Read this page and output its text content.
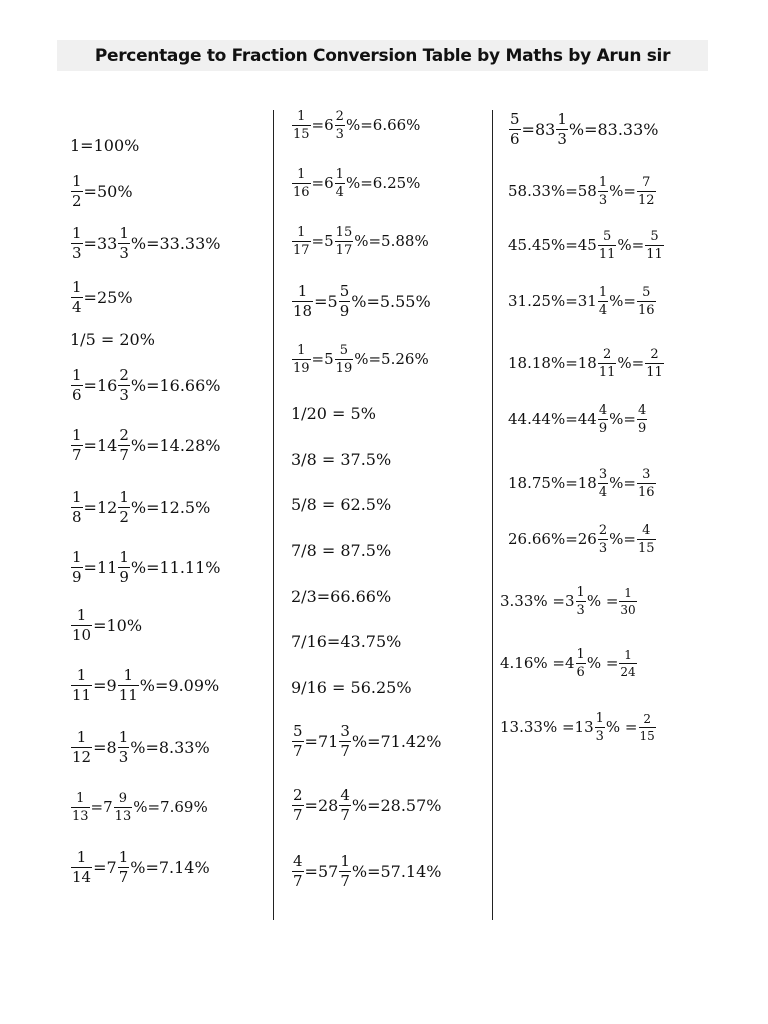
Percentage to Fraction Conversion Table by Maths by Arun sir
1=100%
$\frac{1}{2} =50\%$
$\frac{1}{3} =33 \frac{1}{3} \%=33.33\%$
$\frac{1}{4} =25\%$
1/5 = 20%
$\frac{1}{6} =16 \frac{2}{3} \%=16.66\%$
$\frac{1}{7} =14 \frac{2}{7} \%=14.28\%$
$\frac{1}{8} =12 \frac{1}{2} \%=12.5\%$
$\frac{1}{9} =11 \frac{1}{9} \%=11.11\%$
$\frac{1}{10} =10\%$
$\frac{1}{11} =9 \frac{1}{11} \%=9.09\%$
$\frac{1}{12} =8 \frac{1}{3} \%=8.33\%$
$\frac{1}{13} =7 \frac{9}{13} \%=7.69\%$
$\frac{1}{14} =7 \frac{1}{7} \%=7.14\%$
$\frac{1}{15} =6 \frac{2}{3} \%=6.66\%$
$\frac{1}{16} =6 \frac{1}{4} \%=6.25\%$
$\frac{1}{17} =5 \frac{15}{17} \%=5.88\%$
$\frac{1}{18} =5 \frac{5}{9} \%=5.55\%$
$\frac{1}{19} =5 \frac{5}{19} \%=5.26\%$
1/20 = 5%
3/8 = 37.5%
5/8 = 62.5%
7/8 = 87.5%
2/3=66.66%
7/16=43.75%
9/16 = 56.25%
$\frac{5}{7} =71 \frac{3}{7} \%=71.42\%$
$\frac{2}{7} =28 \frac{4}{7} \%=28.57\%$
$\frac{4}{7} =57 \frac{1}{7} \%=57.14\%$
$\frac{5}{6} =83 \frac{1}{3} \%=83.33\%$
$58.33\%=58 \frac{1}{3}$ %= $\frac{7}{12}$
$45.45\%=45 \frac{5}{11}$ %= $\frac{5}{11}$
$31.25\%=31 \frac{1}{4}$ %= $\frac{5}{16}$
$18.18\%=18 \frac{2}{11}$ %= $\frac{2}{11}$
$44.44\%=44 \frac{4}{9}$ %= $\frac{4}{9}$
$18.75\%=18 \frac{3}{4}$ %= $\frac{3}{16}$
$26.66\%=26 \frac{2}{3}$ %= $\frac{4}{15}$
$3.33\% =3 \frac{1}{3}$ % = $\frac{1}{30}$
$4.16\% =4 \frac{1}{6}$ % = $\frac{1}{24}$
$13.33\% =13 \frac{1}{3}$ % = $\frac{2}{15}$
